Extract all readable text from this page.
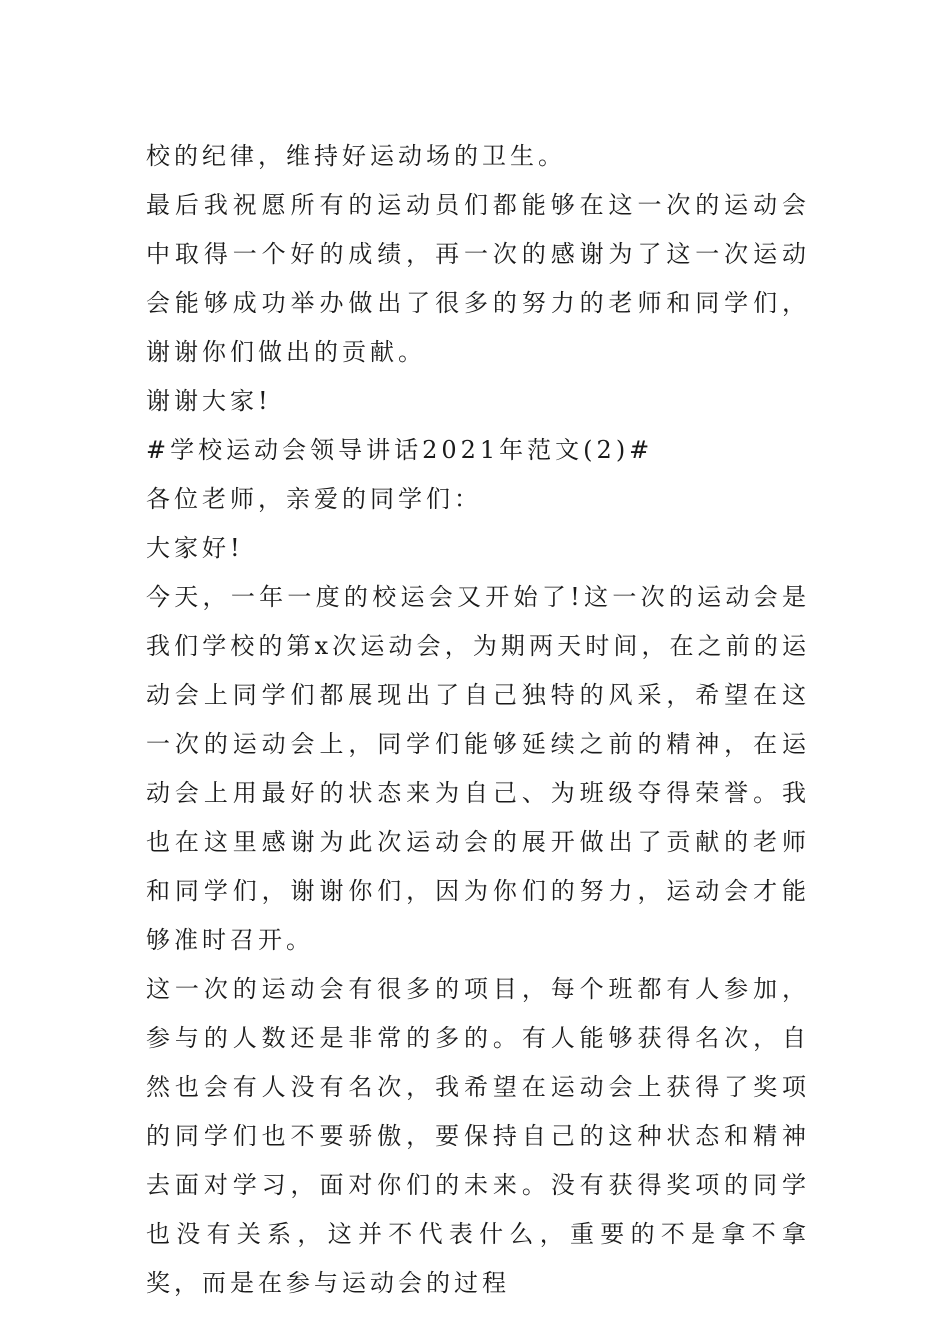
校的纪律，维持好运动场的卫生。

最后我祝愿所有的运动员们都能够在这一次的运动会中取得一个好的成绩，再一次的感谢为了这一次运动会能够成功举办做出了很多的努力的老师和同学们，谢谢你们做出的贡献。

谢谢大家!

#学校运动会领导讲话2021年范文(2)#

各位老师，亲爱的同学们：

大家好!

今天，一年一度的校运会又开始了!这一次的运动会是我们学校的第x次运动会，为期两天时间，在之前的运动会上同学们都展现出了自己独特的风采，希望在这一次的运动会上，同学们能够延续之前的精神，在运动会上用最好的状态来为自己、为班级夺得荣誉。我也在这里感谢为此次运动会的展开做出了贡献的老师和同学们，谢谢你们，因为你们的努力，运动会才能够准时召开。

这一次的运动会有很多的项目，每个班都有人参加，参与的人数还是非常的多的。有人能够获得名次，自然也会有人没有名次，我希望在运动会上获得了奖项的同学们也不要骄傲，要保持自己的这种状态和精神去面对学习，面对你们的未来。没有获得奖项的同学也没有关系，这并不代表什么，重要的不是拿不拿奖，而是在参与运动会的过程
